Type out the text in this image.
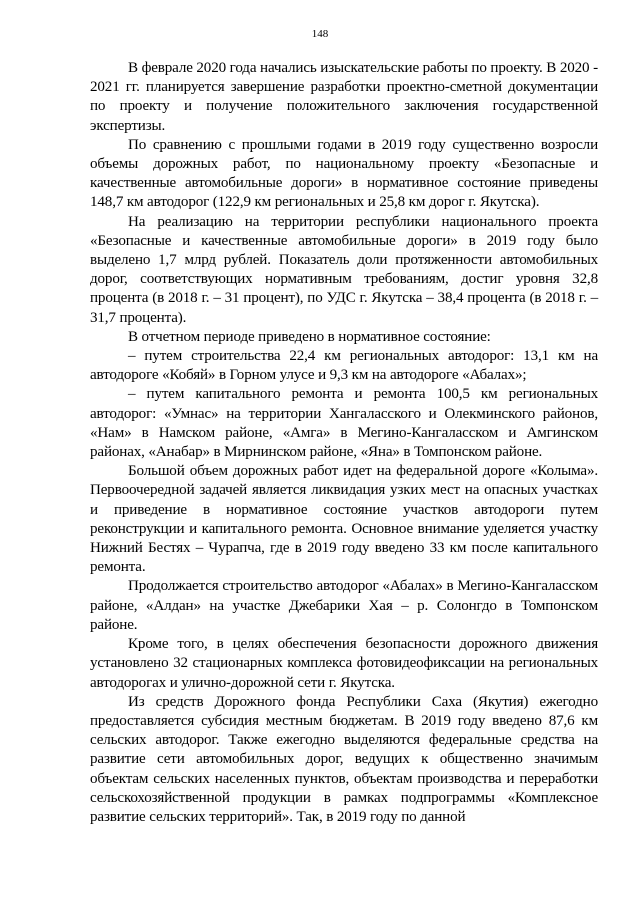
148

В феврале 2020 года начались изыскательские работы по проекту. В 2020 - 2021 гг. планируется завершение разработки проектно-сметной документации по проекту и получение положительного заключения государственной экспертизы.

По сравнению с прошлыми годами в 2019 году существенно возросли объемы дорожных работ, по национальному проекту «Безопасные и качественные автомобильные дороги» в нормативное состояние приведены 148,7 км автодорог (122,9 км региональных и 25,8 км дорог г. Якутска).

На реализацию на территории республики национального проекта «Безопасные и качественные автомобильные дороги» в 2019 году было выделено 1,7 млрд рублей. Показатель доли протяженности автомобильных дорог, соответствующих нормативным требованиям, достиг уровня 32,8 процента (в 2018 г. – 31 процент), по УДС г. Якутска – 38,4 процента (в 2018 г. – 31,7 процента).

В отчетном периоде приведено в нормативное состояние:

– путем строительства 22,4 км региональных автодорог: 13,1 км на автодороге «Кобяй» в Горном улусе и 9,3 км на автодороге «Абалах»;

– путем капитального ремонта и ремонта 100,5 км региональных автодорог: «Умнас» на территории Хангаласского и Олекминского районов, «Нам» в Намском районе, «Амга» в Мегино-Кангаласском и Амгинском районах, «Анабар» в Мирнинском районе, «Яна» в Томпонском районе.

Большой объем дорожных работ идет на федеральной дороге «Колыма». Первоочередной задачей является ликвидация узких мест на опасных участках и приведение в нормативное состояние участков автодороги путем реконструкции и капитального ремонта. Основное внимание уделяется участку Нижний Бестях – Чурапча, где в 2019 году введено 33 км после капитального ремонта.

Продолжается строительство автодорог «Абалах» в Мегино-Кангаласском районе, «Алдан» на участке Джебарики Хая – р. Солонгдо в Томпонском районе.

Кроме того, в целях обеспечения безопасности дорожного движения установлено 32 стационарных комплекса фотовидеофиксации на региональных автодорогах и улично-дорожной сети г. Якутска.

Из средств Дорожного фонда Республики Саха (Якутия) ежегодно предоставляется субсидия местным бюджетам. В 2019 году введено 87,6 км сельских автодорог. Также ежегодно выделяются федеральные средства на развитие сети автомобильных дорог, ведущих к общественно значимым объектам сельских населенных пунктов, объектам производства и переработки сельскохозяйственной продукции в рамках подпрограммы «Комплексное развитие сельских территорий». Так, в 2019 году по данной
